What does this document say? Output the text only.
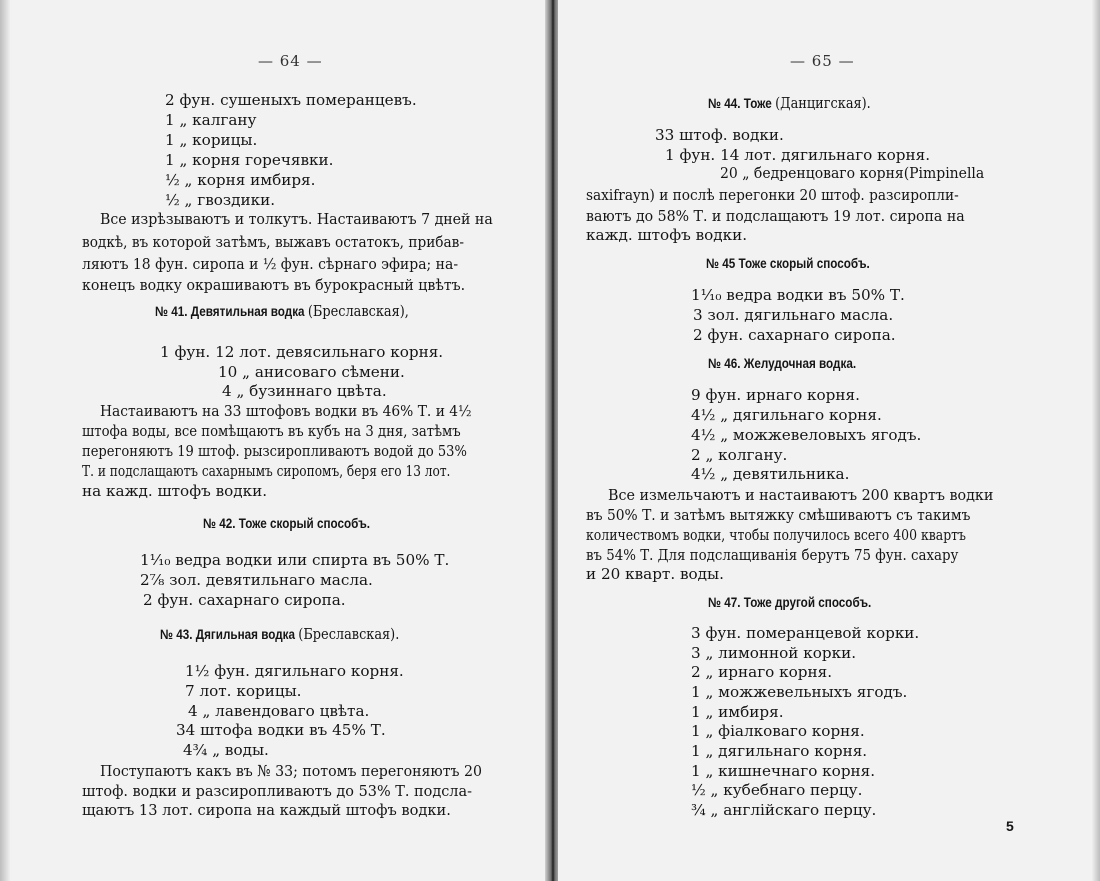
— 64 —
2 фун. сушеныхъ померанцевъ.
1 „ калгану
1 „ корицы.
1 „ корня горечявки.
½ „ корня имбиря.
½ „ гвоздики.
Все изрѣзываютъ и толкутъ. Настаиваютъ 7 дней на
водкѣ, въ которой затѣмъ, выжавъ остатокъ, прибав-
ляютъ 18 фун. сиропа и ½ фун. сѣрнаго эфира; на-
конецъ водку окрашиваютъ въ бурокрасный цвѣтъ.
№ 41. Девятильная водка (Бреславская),
1 фун. 12 лот. девясильнаго корня.
10 „ анисоваго сѣмени.
4 „ бузиннаго цвѣта.
Настаиваютъ на 33 штофовъ водки въ 46% Т. и 4½
штофа воды, все помѣщаютъ въ кубъ на 3 дня, затѣмъ
перегоняютъ 19 штоф. рызсиропливаютъ водой до 53%
Т. и подслащаютъ сахарнымъ сиропомъ, беря его 13 лот.
на кажд. штофъ водки.
№ 42. Тоже скорый способъ.
1¹⁄₁₀ ведра водки или спирта въ 50% Т.
2⁷⁄₈ зол. девятильнаго масла.
2 фун. сахарнаго сиропа.
№ 43. Дягильная водка (Бреславская).
1½ фун. дягильнаго корня.
7 лот. корицы.
4 „ лавендоваго цвѣта.
34 штофа водки въ 45% Т.
4¾ „ воды.
Поступаютъ какъ въ № 33; потомъ перегоняютъ 20
штоф. водки и разсиропливаютъ до 53% Т. подсла-
щаютъ 13 лот. сиропа на каждый штофъ водки.
— 65 —
№ 44. Тоже (Данцигская).
33 штоф. водки.
1 фун. 14 лот. дягильнаго корня.
20 „ бедренцоваго корня(Pimpinella
saxifrayn) и послѣ перегонки 20 штоф. разсиропли-
ваютъ до 58% Т. и подслащаютъ 19 лот. сиропа на
кажд. штофъ водки.
№ 45 Тоже скорый способъ.
1¹⁄₁₀ ведра водки въ 50% Т.
3 зол. дягильнаго масла.
2 фун. сахарнаго сиропа.
№ 46. Желудочная водка.
9 фун. ирнаго корня.
4½ „ дягильнаго корня.
4½ „ можжевеловыхъ ягодъ.
2 „ колгану.
4½ „ девятильника.
Все измельчаютъ и настаиваютъ 200 квартъ водки
въ 50% Т. и затѣмъ вытяжку смѣшиваютъ съ такимъ
количествомъ водки, чтобы получилось всего 400 квартъ
въ 54% Т. Для подслащиванія берутъ 75 фун. сахару
и 20 кварт. воды.
№ 47. Тоже другой способъ.
3 фун. померанцевой корки.
3 „ лимонной корки.
2 „ ирнаго корня.
1 „ можжевельныхъ ягодъ.
1 „ имбиря.
1 „ фіалковаго корня.
1 „ дягильнаго корня.
1 „ кишнечнаго корня.
½ „ кубебнаго перцу.
¾ „ англійскаго перцу.
5
